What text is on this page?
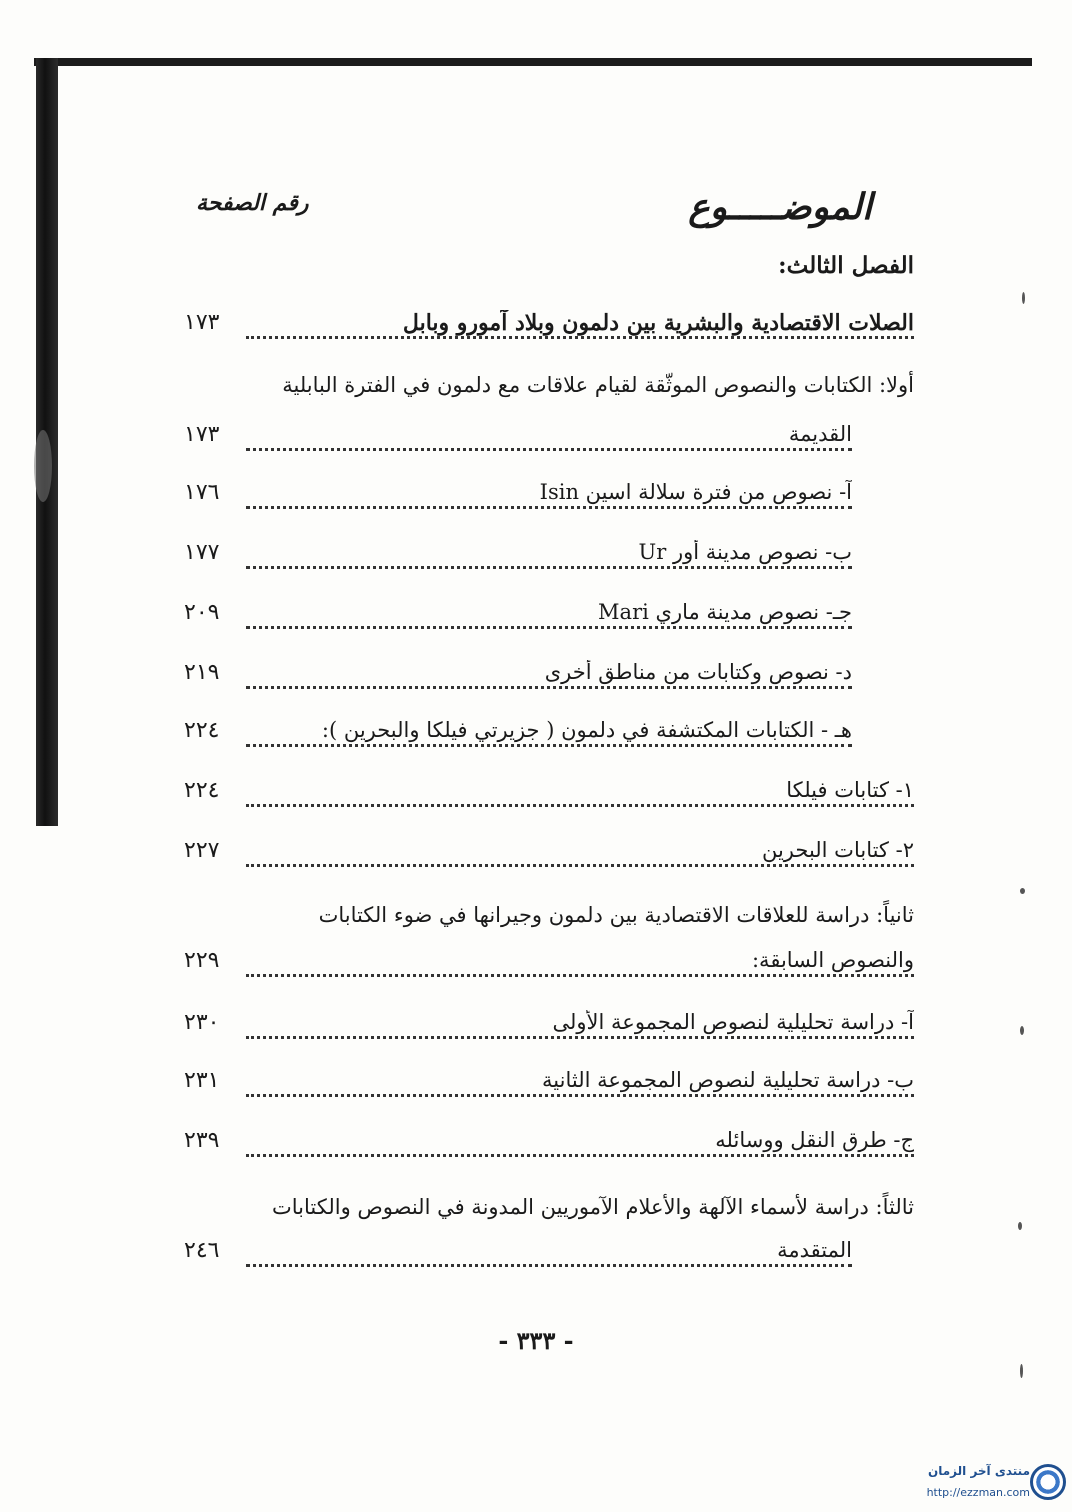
الموضـــــوع
رقم الصفحة
الفصل الثالث:
الصلات الاقتصادية والبشرية بين دلمون وبلاد آمورو وبابل
١٧٣
أولا: الكتابات والنصوص الموثّقة لقيام علاقات مع دلمون في الفترة البابلية
القديمة
١٧٣
آ- نصوص من فترة سلالة اسين Isin
١٧٦
ب- نصوص مدينة أور Ur
١٧٧
جـ- نصوص مدينة ماري Mari
٢٠٩
د- نصوص وكتابات من مناطق أخرى
٢١٩
هـ - الكتابات المكتشفة في دلمون ( جزيرتي فيلكا والبحرين ):
٢٢٤
١- كتابات فيلكا
٢٢٤
٢- كتابات البحرين
٢٢٧
ثانياً: دراسة للعلاقات الاقتصادية بين دلمون وجيرانها في ضوء الكتابات
والنصوص السابقة:
٢٢٩
آ- دراسة تحليلية لنصوص المجموعة الأولى
٢٣٠
ب- دراسة تحليلية لنصوص المجموعة الثانية
٢٣١
ج- طرق النقل ووسائله
٢٣٩
ثالثاً: دراسة لأسماء الآلهة والأعلام الآموريين المدونة في النصوص والكتابات
المتقدمة
٢٤٦
- ٣٣٣ -
منتدى آخر الزمان
http://ezzman.com
